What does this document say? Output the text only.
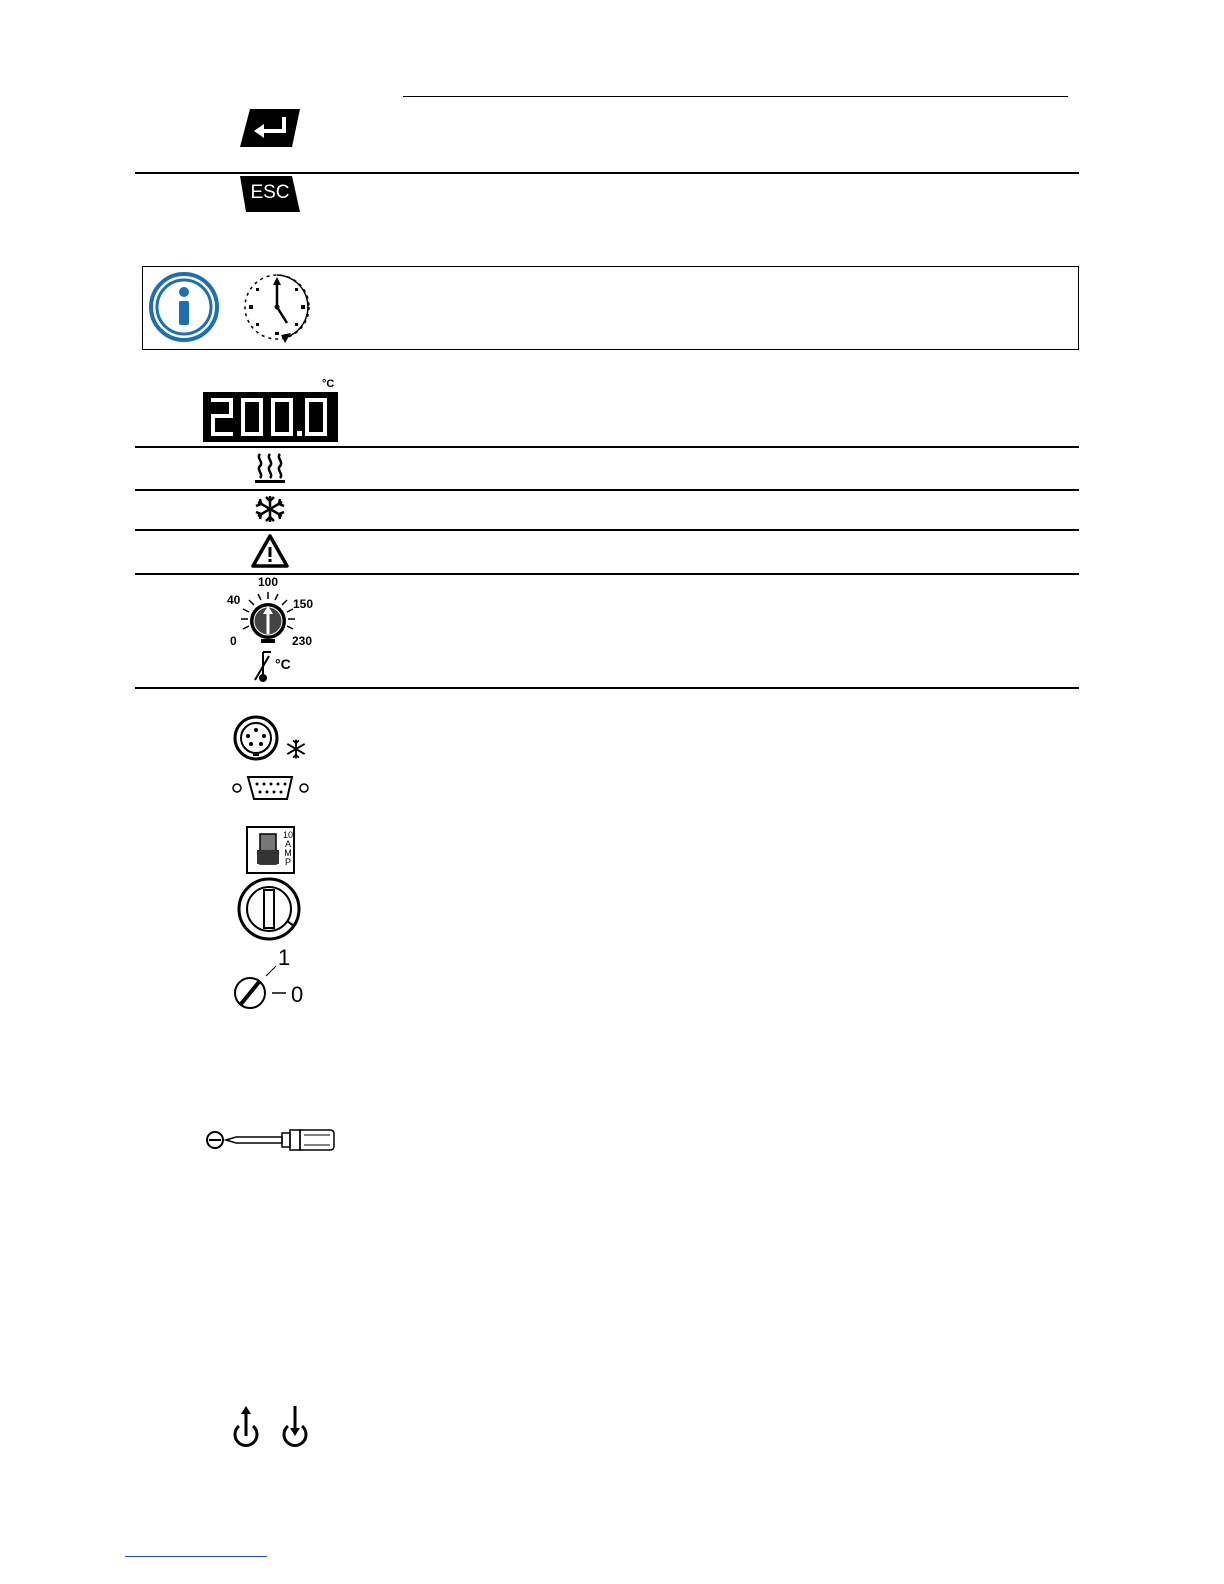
ESC
°C
100
40	150
0	230
°C
10
A
M
P
1
0
